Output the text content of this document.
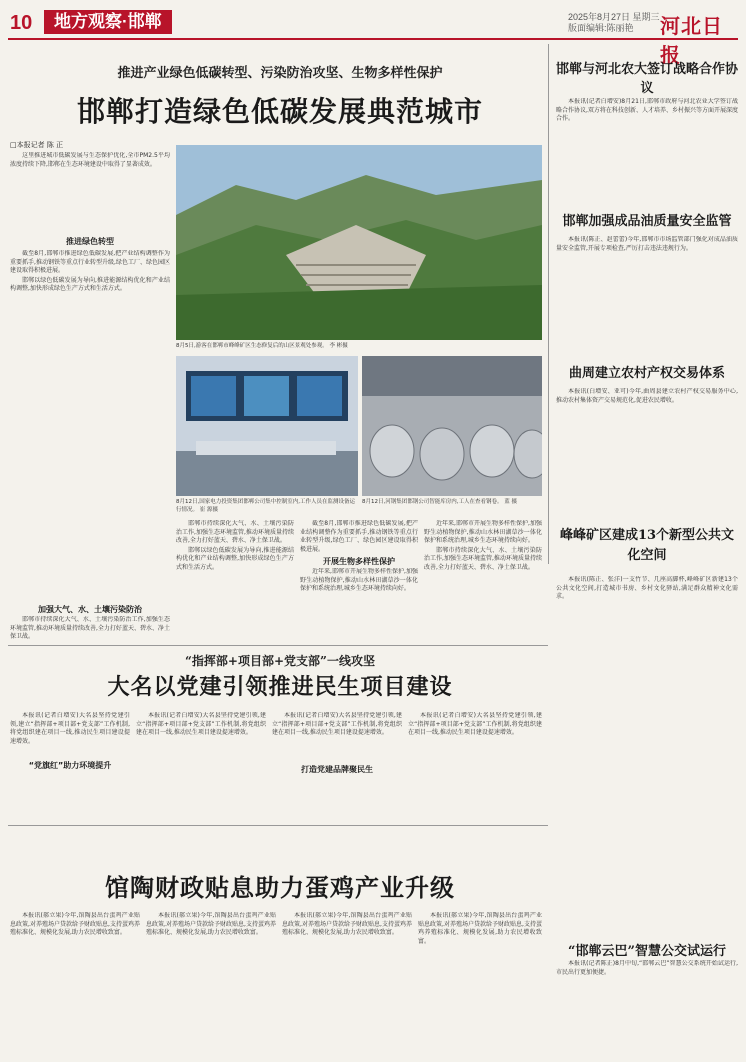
10	地方观察·邯郸	2025年8月27日 星期三
版面编辑:陈丽艳	河北日报
推进产业绿色低碳转型、污染防治攻坚、生物多样性保护
邯郸打造绿色低碳发展典范城市
□本报记者 陈 正

这里推进城市低碳发展与生态保护优化,全市PM2.5平均浓度持续下降,邯郸在生态环境建设中取得了显著成效。

推进绿色转型

截至8月,邯郸市推进绿色低碳发展,把产业结构调整作为重要抓手,推动钢铁等重点行业转型升级,绿色工厂、绿色园区建设取得积极进展。

邯郸以绿色低碳发展为导向,推进能源结构优化和产业结构调整,加快形成绿色生产方式和生活方式。

加强大气、水、土壤污染防治

邯郸市持续深化大气、水、土壤污染防治工作,加强生态环境监管,推动环境质量持续改善,全力打好蓝天、碧水、净土保卫战。

8月5日,游客在邯郸市峰峰矿区生态修复后的山区景观处参观。 李 彬摄
8月12日,国家电力投资集团邯郸公司集中控制室内,工作人员在监测设备运行情况。 崔 源摄
8月12日,河钢集团邯钢公司智能库房内,工人在查看钢卷。 蓝 摄

邯郸市持续深化大气、水、土壤污染防治工作,加强生态环境监管,推动环境质量持续改善,全力打好蓝天、碧水、净土保卫战。

邯郸以绿色低碳发展为导向,推进能源结构优化和产业结构调整,加快形成绿色生产方式和生活方式。

开展生物多样性保护

截至8月,邯郸市推进绿色低碳发展,把产业结构调整作为重要抓手,推动钢铁等重点行业转型升级,绿色工厂、绿色园区建设取得积极进展。

近年来,邯郸市开展生物多样性保护,加强野生动植物保护,推动山水林田湖草沙一体化保护和系统治理,城乡生态环境持续向好。

近年来,邯郸市开展生物多样性保护,加强野生动植物保护,推动山水林田湖草沙一体化保护和系统治理,城乡生态环境持续向好。

邯郸市持续深化大气、水、土壤污染防治工作,加强生态环境监管,推动环境质量持续改善,全力打好蓝天、碧水、净土保卫战。

“指挥部+项目部+党支部”一线攻坚
大名以党建引领推进民生项目建设

本报讯(记者白增安)大名县坚持党建引领,建立“指挥部+项目部+党支部”工作机制,将党组织建在项目一线,推动民生项目建设提速增效。

“党旗红”助力环境提升

本报讯(记者白增安)大名县坚持党建引领,建立“指挥部+项目部+党支部”工作机制,将党组织建在项目一线,推动民生项目建设提速增效。

打造党建品牌聚民生

本报讯(记者白增安)大名县坚持党建引领,建立“指挥部+项目部+党支部”工作机制,将党组织建在项目一线,推动民生项目建设提速增效。

本报讯(记者白增安)大名县坚持党建引领,建立“指挥部+项目部+党支部”工作机制,将党组织建在项目一线,推动民生项目建设提速增效。

馆陶财政贴息助力蛋鸡产业升级

本报讯(郝立果)今年,馆陶县出台蛋鸡产业贴息政策,对养殖场户贷款给予财政贴息,支持蛋鸡养殖标准化、规模化发展,助力农民增收致富。

本报讯(郝立果)今年,馆陶县出台蛋鸡产业贴息政策,对养殖场户贷款给予财政贴息,支持蛋鸡养殖标准化、规模化发展,助力农民增收致富。

本报讯(郝立果)今年,馆陶县出台蛋鸡产业贴息政策,对养殖场户贷款给予财政贴息,支持蛋鸡养殖标准化、规模化发展,助力农民增收致富。

本报讯(郝立果)今年,馆陶县出台蛋鸡产业贴息政策,对养殖场户贷款给予财政贴息,支持蛋鸡养殖标准化、规模化发展,助力农民增收致富。

邯郸与河北农大签订战略合作协议

本报讯(记者白增安)8月21日,邯郸市政府与河北农业大学签订战略合作协议,双方将在科技创新、人才培养、乡村振兴等方面开展深度合作。

邯郸加强成品油质量安全监管

本报讯(陈正、赵蕾蕾)今年,邯郸市市场监管部门强化对成品油质量安全监管,开展专项检查,严厉打击违法违规行为。

曲周建立农村产权交易体系

本报讯(白增安、亚可)今年,曲周县建立农村产权交易服务中心,推动农村集体资产交易规范化,促进农民增收。

峰峰矿区建成13个新型公共文化空间

本报讯(陈正、张洋)一支竹节、几座高脚杯,峰峰矿区新建13个公共文化空间,打造城市书房、乡村文化驿站,满足群众精神文化需求。

“邯郸云巴”智慧公交试运行

本报讯(记者陈正)8月中旬,“邯郸云巴”智慧公交系统开始试运行,市民出行更加便捷。
